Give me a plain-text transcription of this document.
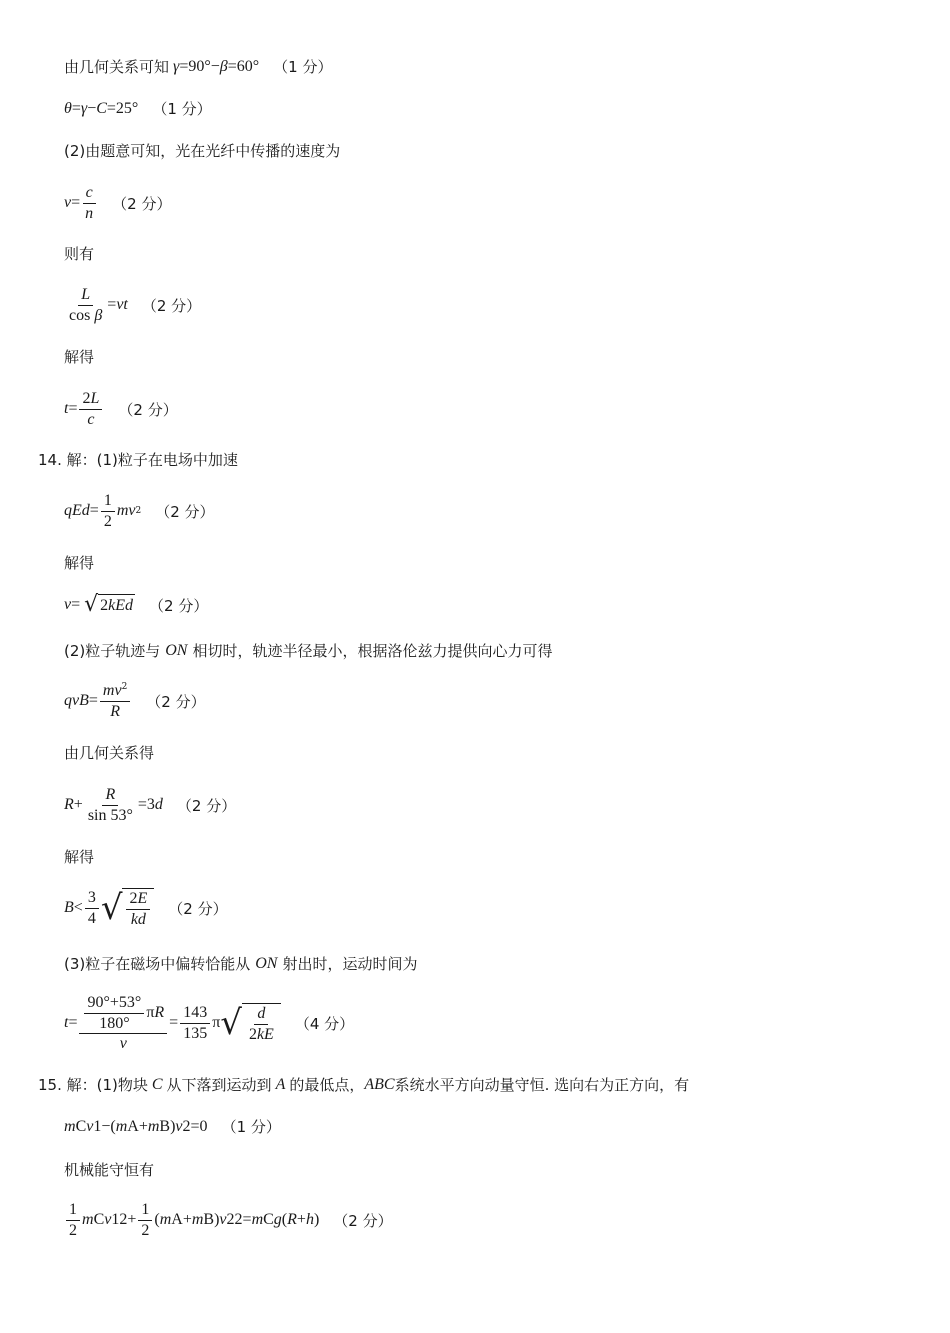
由几何关系可知 γ =90°− β =60° （1 分）
θ = γ − C =25° （1 分）
(2)由题意可知，光在光纤中传播的速度为
$v = \frac{c}{n} (2$ 分）
则有
$\frac{L}{\text{cos β}}$ = vt （2 分）
解得
$t = \frac{2L}{c} (2$ 分）
14. 解：(1)粒子在电场中加速
qEd = $\frac{1}{2}$ mv 2 （2 分）
解得
v = √ 2 kEd （2 分）
(2)粒子轨迹与 ON 相切时，轨迹半径最小，根据洛伦兹力提供向心力可得
qvB = $\frac{mv^2}{R} (2$ 分）
由几何关系得
$R + \frac{R}{\sin 53^\circ} =3$ d （2 分）
解得
$B < \frac{3}{4}$ √ $\frac{2E}{kd} (2$ 分）
(3)粒子在磁场中偏转恰能从 ON 射出时，运动时间为
$t = \frac{\frac{90^\circ+53^\circ}{180^\circ} \pi R}{v} = \frac{143}{135}$ π √ $\frac{d}{2kE} (4$ 分）
15. 解：(1)物块 C 从下落到运动到 A 的最低点， ABC 系统水平方向动量守恒. 选向右为正方向，有
m C v 1 −( m A + m B ) v 2 =0 （1 分）
机械能守恒有
$\frac{1}{2}$ m C v 1 $2 + \frac{1}{2}$ ( m A + m B ) v 2 2 = m C g ( R + h ) （2 分）
